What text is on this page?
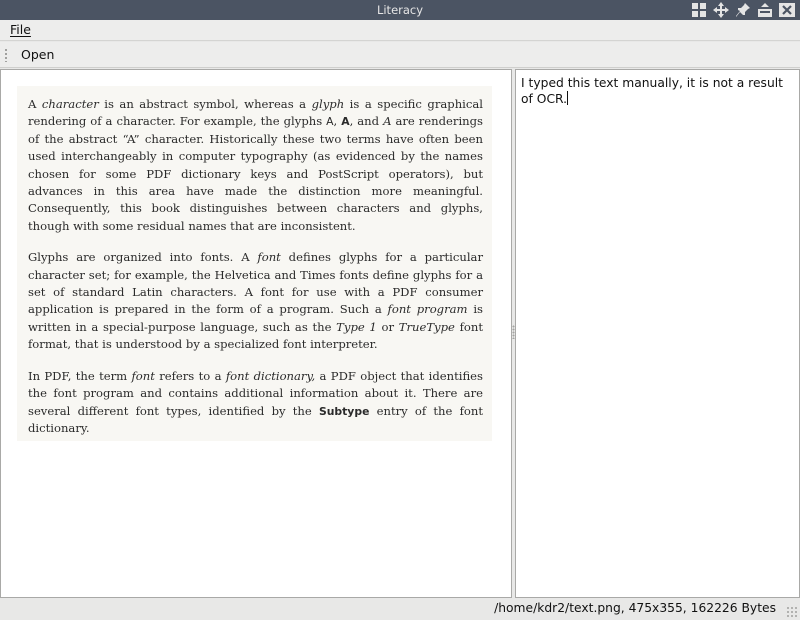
Literacy
File
Open

A character is an abstract symbol, whereas a glyph is a specific graphical rendering of a character. For example, the glyphs A, A, and A are renderings of the abstract “A” character. Historically these two terms have often been used interchangeably in computer typography (as evidenced by the names chosen for some PDF dictionary keys and PostScript operators), but advances in this area have made the distinction more meaningful. Consequently, this book distinguishes between characters and glyphs, though with some residual names that are inconsistent.

Glyphs are organized into fonts. A font defines glyphs for a particular character set; for example, the Helvetica and Times fonts define glyphs for a set of standard Latin characters. A font for use with a PDF consumer application is prepared in the form of a program. Such a font program is written in a special-purpose language, such as the Type 1 or TrueType font format, that is understood by a specialized font interpreter.

In PDF, the term font refers to a font dictionary, a PDF object that identifies the font program and contains additional information about it. There are several different font types, identified by the Subtype entry of the font dictionary.

I typed this text manually, it is not a result of OCR.
/home/kdr2/text.png, 475x355, 162226 Bytes
